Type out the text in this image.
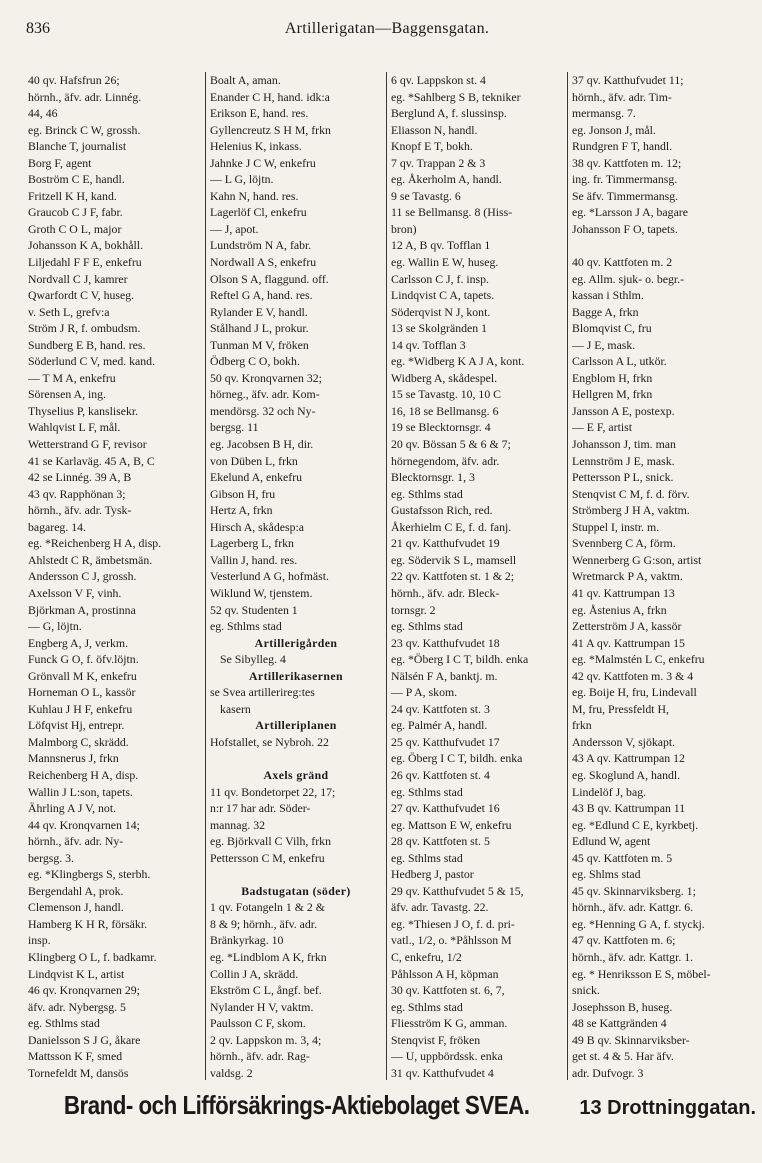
836	Artillerigatan—Baggensgatan.
40 qv. Hafsfrun 26;
hörnh., äfv. adr. Linnég.
44, 46
eg. Brinck C W, grossh.
Blanche T, journalist
Borg F, agent
Boström C E, handl.
Fritzell K H, kand.
Graucob C J F, fabr.
Groth C O L, major
Johansson K A, bokhåll.
Liljedahl F F E, enkefru
Nordvall C J, kamrer
Qwarfordt C V, huseg.
v. Seth L, grefv:a
Ström J R, f. ombudsm.
Sundberg E B, hand. res.
Söderlund C V, med. kand.
— T M A, enkefru
Sörensen A, ing.
Thyselius P, kanslisekr.
Wahlqvist L F, mål.
Wetterstrand G F, revisor
41 se Karlaväg. 45 A, B, C
42 se Linnég. 39 A, B
43 qv. Rapphönan 3;
hörnh., äfv. adr. Tysk-
bagareg. 14.
eg. *Reichenberg H A, disp.
Ahlstedt C R, ämbetsmän.
Andersson C J, grossh.
Axelsson V F, vinh.
Björkman A, prostinna
— G, löjtn.
Engberg A, J, verkm.
Funck G O, f. öfv.löjtn.
Grönvall M K, enkefru
Horneman O L, kassör
Kuhlau J H F, enkefru
Löfqvist Hj, entrepr.
Malmborg C, skrädd.
Mannsnerus J, frkn
Reichenberg H A, disp.
Wallin J L:son, tapets.
Ährling A J V, not.
44 qv. Kronqvarnen 14;
hörnh., äfv. adr. Ny-
bergsg. 3.
eg. *Klingbergs S, sterbh.
Bergendahl A, prok.
Clemenson J, handl.
Hamberg K H R, försäkr.
insp.
Klingberg O L, f. badkamr.
Lindqvist K L, artist
46 qv. Kronqvarnen 29;
äfv. adr. Nybergsg. 5
eg. Sthlms stad
Danielsson S J G, åkare
Mattsson K F, smed
Tornefeldt M, dansös
Boalt A, aman.
Enander C H, hand. idk:a
Erikson E, hand. res.
Gyllencreutz S H M, frkn
Helenius K, inkass.
Jahnke J C W, enkefru
— L G, löjtn.
Kahn N, hand. res.
Lagerlöf Cl, enkefru
— J, apot.
Lundström N A, fabr.
Nordwall A S, enkefru
Olson S A, flaggund. off.
Reftel G A, hand. res.
Rylander E V, handl.
Stålhand J L, prokur.
Tunman M V, fröken
Ödberg C O, bokh.
50 qv. Kronqvarnen 32;
hörneg., äfv. adr. Kom-
mendörsg. 32 och Ny-
bergsg. 11
eg. Jacobsen B H, dir.
von Düben L, frkn
Ekelund A, enkefru
Gibson H, fru
Hertz A, frkn
Hirsch A, skådesp:a
Lagerberg L, frkn
Vallin J, hand. res.
Vesterlund A G, hofmäst.
Wiklund W, tjenstem.
52 qv. Studenten 1
eg. Sthlms stad
Artillerigården
Se Sibylleg. 4
Artillerikasernen
se Svea artillerireg:tes
kasern
Artilleriplanen
Hofstallet, se Nybroh. 22

Axels gränd
11 qv. Bondetorpet 22, 17;
n:r 17 har adr. Söder-
mannag. 32
eg. Björkvall C Vilh, frkn
Pettersson C M, enkefru

Badstugatan (söder)
1 qv. Fotangeln 1 & 2 &
8 & 9; hörnh., äfv. adr.
Bränkyrkag. 10
eg. *Lindblom A K, frkn
Collin J A, skrädd.
Ekström C L, ångf. bef.
Nylander H V, vaktm.
Paulsson C F, skom.
2 qv. Lappskon m. 3, 4;
hörnh., äfv. adr. Rag-
valdsg. 2
6 qv. Lappskon st. 4
eg. *Sahlberg S B, tekniker
Berglund A, f. slussinsp.
Eliasson N, handl.
Knopf E T, bokh.
7 qv. Trappan 2 & 3
eg. Åkerholm A, handl.
9 se Tavastg. 6
11 se Bellmansg. 8 (Hiss-
bron)
12 A, B qv. Tofflan 1
eg. Wallin E W, huseg.
Carlsson C J, f. insp.
Lindqvist C A, tapets.
Söderqvist N J, kont.
13 se Skolgränden 1
14 qv. Tofflan 3
eg. *Widberg K A J A, kont.
Widberg A, skådespel.
15 se Tavastg. 10, 10 C
16, 18 se Bellmansg. 6
19 se Blecktornsgr. 4
20 qv. Bössan 5 & 6 & 7;
hörnegendom, äfv. adr.
Blecktornsgr. 1, 3
eg. Sthlms stad
Gustafsson Rich, red.
Åkerhielm C E, f. d. fanj.
21 qv. Katthufvudet 19
eg. Södervik S L, mamsell
22 qv. Kattfoten st. 1 & 2;
hörnh., äfv. adr. Bleck-
tornsgr. 2
eg. Sthlms stad
23 qv. Katthufvudet 18
eg. *Öberg I C T, bildh. enka
Nälsén F A, banktj. m.
— P A, skom.
24 qv. Kattfoten st. 3
eg. Palmér A, handl.
25 qv. Katthufvudet 17
eg. Öberg I C T, bildh. enka
26 qv. Kattfoten st. 4
eg. Sthlms stad
27 qv. Katthufvudet 16
eg. Mattson E W, enkefru
28 qv. Kattfoten st. 5
eg. Sthlms stad
Hedberg J, pastor
29 qv. Katthufvudet 5 & 15,
äfv. adr. Tavastg. 22.
eg. *Thiesen J O, f. d. pri-
vatl., 1/2, o. *Påhlsson M
C, enkefru, 1/2
Påhlsson A H, köpman
30 qv. Kattfoten st. 6, 7,
eg. Sthlms stad
Fliesström K G, amman.
Stenqvist F, fröken
— U, uppbördssk. enka
31 qv. Katthufvudet 4
37 qv. Katthufvudet 11;
hörnh., äfv. adr. Tim-
mermansg. 7.
eg. Jonson J, mål.
Rundgren F T, handl.
38 qv. Kattfoten m. 12;
ing. fr. Timmermansg.
Se äfv. Timmermansg.
eg. *Larsson J A, bagare
Johansson F O, tapets.

40 qv. Kattfoten m. 2
eg. Allm. sjuk- o. begr.-
kassan i Sthlm.
Bagge A, frkn
Blomqvist C, fru
— J E, mask.
Carlsson A L, utkör.
Engblom H, frkn
Hellgren M, frkn
Jansson A E, postexp.
— E F, artist
Johansson J, tim. man
Lennström J E, mask.
Pettersson P L, snick.
Stenqvist C M, f. d. förv.
Strömberg J H A, vaktm.
Stuppel I, instr. m.
Svennberg C A, förm.
Wennerberg G G:son, artist
Wretmarck P A, vaktm.
41 qv. Kattrumpan 13
eg. Åstenius A, frkn
Zetterström J A, kassör
41 A qv. Kattrumpan 15
eg. *Malmstén L C, enkefru
42 qv. Kattfoten m. 3 & 4
eg. Boije H, fru, Lindevall
M, fru, Pressfeldt H,
frkn
Andersson V, sjökapt.
43 A qv. Kattrumpan 12
eg. Skoglund A, handl.
Lindelöf J, bag.
43 B qv. Kattrumpan 11
eg. *Edlund C E, kyrkbetj.
Edlund W, agent
45 qv. Kattfoten m. 5
eg. Shlms stad
45 qv. Skinnarviksberg. 1;
hörnh., äfv. adr. Kattgr. 6.
eg. *Henning G A, f. styckj.
47 qv. Kattfoten m. 6;
hörnh., äfv. adr. Kattgr. 1.
eg. * Henriksson E S, möbel-
snick.
Josephsson B, huseg.
48 se Kattgränden 4
49 B qv. Skinnarviksber-
get st. 4 & 5. Har äfv.
adr. Dufvogr. 3

Brand- och Lifförsäkrings-Aktiebolaget SVEA. 13 Drottninggatan.
